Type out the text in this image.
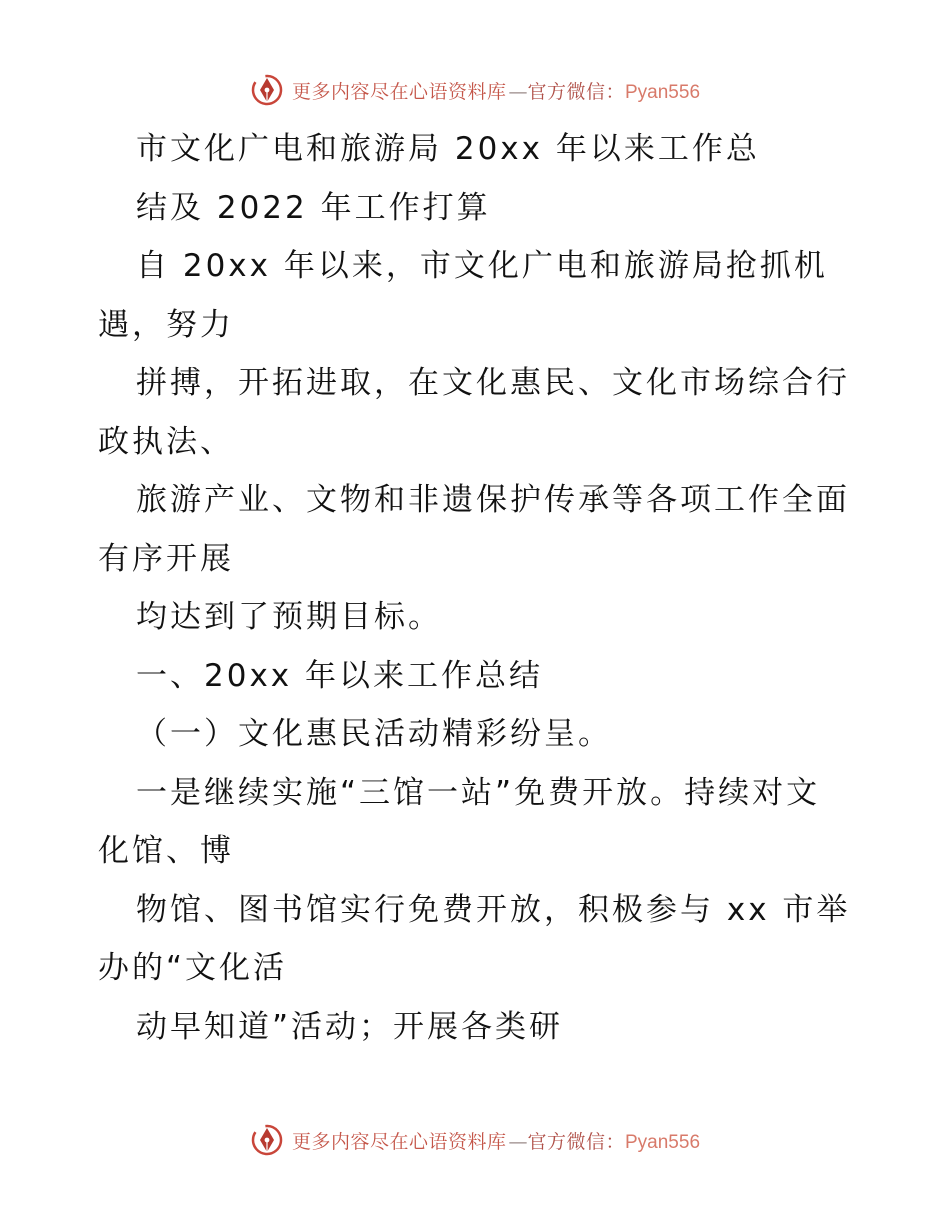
更多内容尽在心语资料库 — 官方微信：Pyan556
市文化广电和旅游局 20xx 年以来工作总
结及 2022 年工作打算
自 20xx 年以来，市文化广电和旅游局抢抓机
遇，努力
拼搏，开拓进取，在文化惠民、文化市场综合行
政执法、
旅游产业、文物和非遗保护传承等各项工作全面
有序开展
均达到了预期目标。
一、20xx 年以来工作总结
（一）文化惠民活动精彩纷呈。
一是继续实施“三馆一站”免费开放。持续对文
化馆、博
物馆、图书馆实行免费开放，积极参与 xx 市举
办的“文化活
动早知道”活动；开展各类研
更多内容尽在心语资料库 — 官方微信：Pyan556
